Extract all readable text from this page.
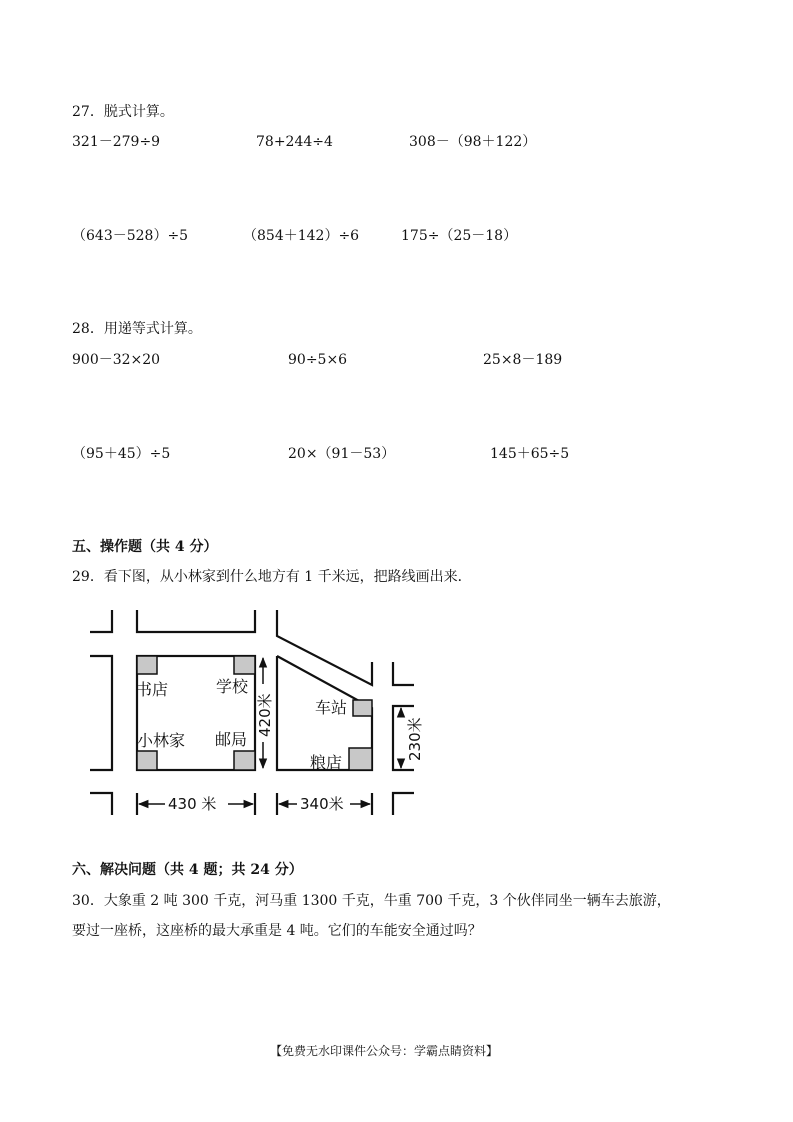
27．脱式计算。
321－279÷9	78+244÷4	308－（98＋122）
（643－528）÷5	（854＋142）÷6	175÷（25－18）
28．用递等式计算。
900－32×20	90÷5×6	25×8－189
（95＋45）÷5	20×（91－53）	145＋65÷5
五、操作题（共 4 分）
29．看下图，从小林家到什么地方有 1 千米远，把路线画出来．
书店	学校
小林家 邮局
车站
粮店
420米
230米
430 米	340米
六、解决问题（共 4 题；共 24 分）
30．大象重 2 吨 300 千克，河马重 1300 千克，牛重 700 千克，3 个伙伴同坐一辆车去旅游，
要过一座桥，这座桥的最大承重是 4 吨。它们的车能安全通过吗？
【免费无水印课件公众号：学霸点睛资料】
